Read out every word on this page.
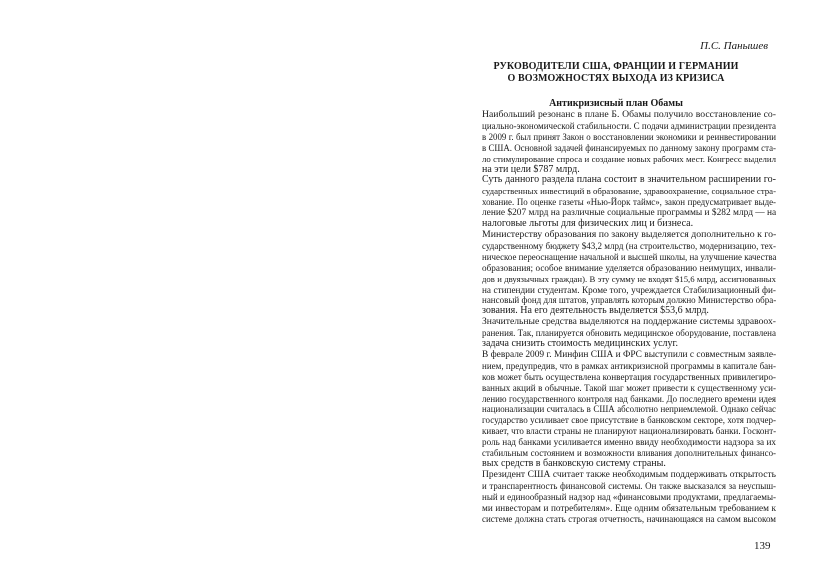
П.С. Панышев
РУКОВОДИТЕЛИ США, ФРАНЦИИ И ГЕРМАНИИ
О ВОЗМОЖНОСТЯХ ВЫХОДА ИЗ КРИЗИСА
Антикризисный план Обамы

Наибольший резонанс в плане Б. Обамы получило восстановление со-
циально-экономической стабильности. С подачи администрации президента
в 2009 г. был принят Закон о восстановлении экономики и реинвестировании
в США. Основной задачей финансируемых по данному закону программ ста-
ло стимулирование спроса и создание новых рабочих мест. Конгресс выделил
на эти цели $787 млрд.

Суть данного раздела плана состоит в значительном расширении го-
сударственных инвестиций в образование, здравоохранение, социальное стра-
хование. По оценке газеты «Нью-Йорк таймс», закон предусматривает выде-
ление $207 млрд на различные социальные программы и $282 млрд — на
налоговые льготы для физических лиц и бизнеса.

Министерству образования по закону выделяется дополнительно к го-
сударственному бюджету $43,2 млрд (на строительство, модернизацию, тех-
ническое переоснащение начальной и высшей школы, на улучшение качества
образования; особое внимание уделяется образованию неимущих, инвали-
дов и двуязычных граждан). В эту сумму не входят $15,6 млрд, ассигнованных
на стипендии студентам. Кроме того, учреждается Стабилизационный фи-
нансовый фонд для штатов, управлять которым должно Министерство обра-
зования. На его деятельность выделяется $53,6 млрд.

Значительные средства выделяются на поддержание системы здравоох-
ранения. Так, планируется обновить медицинское оборудование, поставлена
задача снизить стоимость медицинских услуг.

В феврале 2009 г. Минфин США и ФРС выступили с совместным заявле-
нием, предупредив, что в рамках антикризисной программы в капитале бан-
ков может быть осуществлена конвертация государственных привилегиро-
ванных акций в обычные. Такой шаг может привести к существенному уси-
лению государственного контроля над банками. До последнего времени идея
национализации считалась в США абсолютно неприемлемой. Однако сейчас
государство усиливает свое присутствие в банковском секторе, хотя подчер-
кивает, что власти страны не планируют национализировать банки. Госконт-
роль над банками усиливается именно ввиду необходимости надзора за их
стабильным состоянием и возможности вливания дополнительных финансо-
вых средств в банковскую систему страны.

Президент США считает также необходимым поддерживать открытость
и транспарентность финансовой системы. Он также высказался за неуспыш-
ный и единообразный надзор над «финансовыми продуктами, предлагаемы-
ми инвесторам и потребителям». Еще одним обязательным требованием к
системе должна стать строгая отчетность, начинающаяся на самом высоком

139
